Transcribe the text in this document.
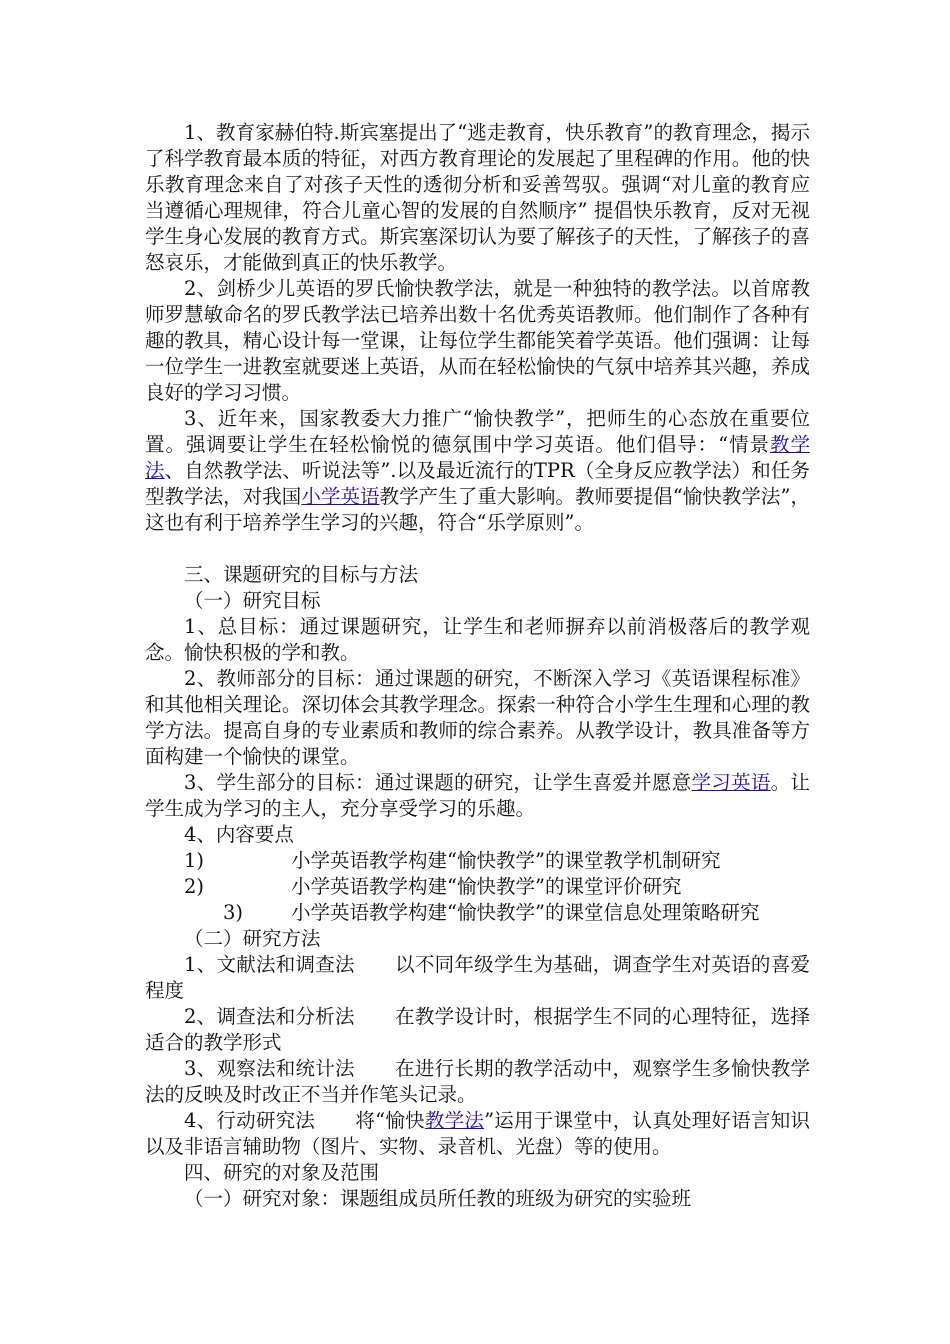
1、教育家赫伯特.斯宾塞提出了“逃走教育，快乐教育”的教育理念，揭示了科学教育最本质的特征，对西方教育理论的发展起了里程碑的作用。他的快乐教育理念来自了对孩子天性的透彻分析和妥善驾驭。强调“对儿童的教育应当遵循心理规律，符合儿童心智的发展的自然顺序” 提倡快乐教育，反对无视学生身心发展的教育方式。斯宾塞深切认为要了解孩子的天性，了解孩子的喜怒哀乐，才能做到真正的快乐教学。

2、剑桥少儿英语的罗氏愉快教学法，就是一种独特的教学法。以首席教师罗慧敏命名的罗氏教学法已培养出数十名优秀英语教师。他们制作了各种有趣的教具，精心设计每一堂课，让每位学生都能笑着学英语。他们强调：让每一位学生一进教室就要迷上英语，从而在轻松愉快的气氛中培养其兴趣，养成良好的学习习惯。

3、近年来，国家教委大力推广“愉快教学”，把师生的心态放在重要位置。强调要让学生在轻松愉悦的德氛围中学习英语。他们倡导：“情景教学法、自然教学法、听说法等”.以及最近流行的TPR（全身反应教学法）和任务型教学法，对我国小学英语教学产生了重大影响。教师要提倡“愉快教学法”，这也有利于培养学生学习的兴趣，符合“乐学原则”。

三、课题研究的目标与方法

（一）研究目标

1、总目标：通过课题研究，让学生和老师摒弃以前消极落后的教学观念。愉快积极的学和教。

2、教师部分的目标：通过课题的研究，不断深入学习《英语课程标准》和其他相关理论。深切体会其教学理念。探索一种符合小学生生理和心理的教学方法。提高自身的专业素质和教师的综合素养。从教学设计，教具准备等方面构建一个愉快的课堂。

3、学生部分的目标：通过课题的研究，让学生喜爱并愿意学习英语。让学生成为学习的主人，充分享受学习的乐趣。

4、内容要点

1)	小学英语教学构建“愉快教学”的课堂教学机制研究

2)	小学英语教学构建“愉快教学”的课堂评价研究

3) 小学英语教学构建“愉快教学”的课堂信息处理策略研究

（二）研究方法

1、文献法和调查法 以不同年级学生为基础，调查学生对英语的喜爱程度

2、调查法和分析法 在教学设计时，根据学生不同的心理特征，选择适合的教学形式

3、观察法和统计法 在进行长期的教学活动中，观察学生多愉快教学法的反映及时改正不当并作笔头记录。

4、行动研究法 将“愉快教学法”运用于课堂中，认真处理好语言知识以及非语言辅助物（图片、实物、录音机、光盘）等的使用。

四、研究的对象及范围

（一）研究对象：课题组成员所任教的班级为研究的实验班
